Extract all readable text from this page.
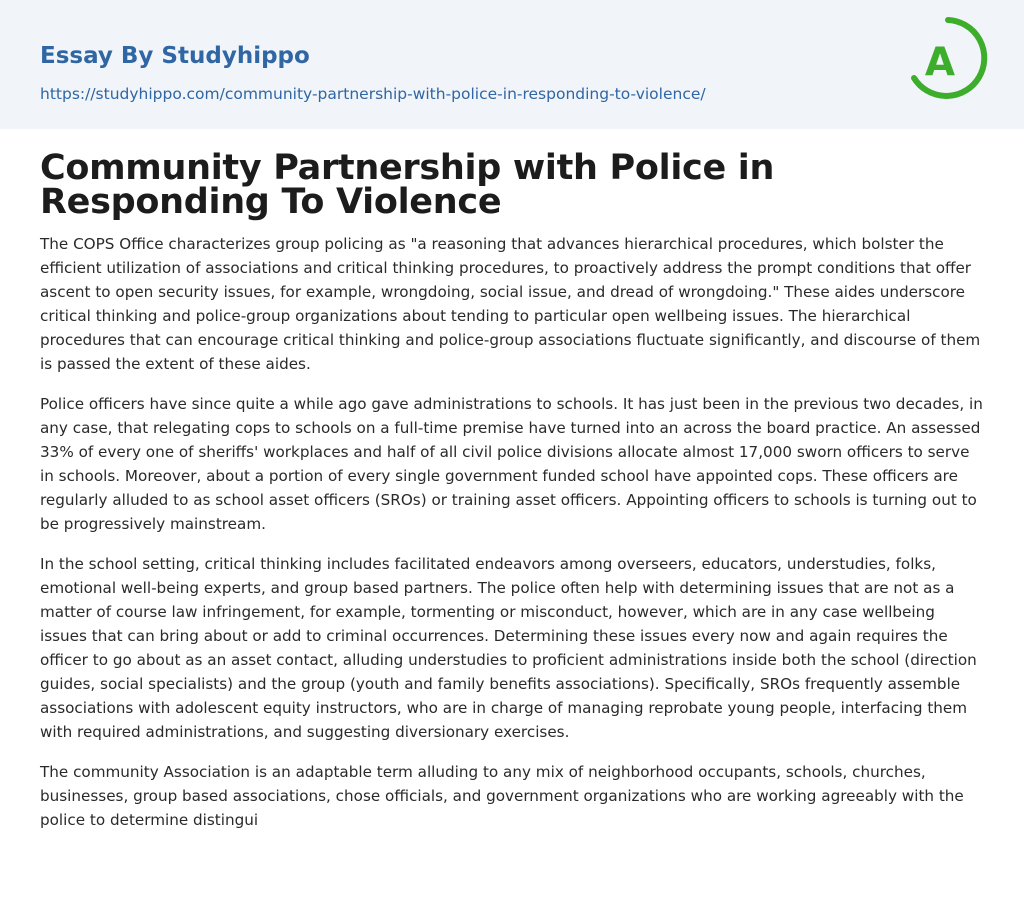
Essay By Studyhippo
https://studyhippo.com/community-partnership-with-police-in-responding-to-violence/
A
Community Partnership with Police in Responding To Violence

The COPS Office characterizes group policing as "a reasoning that advances hierarchical procedures, which bolster the efficient utilization of associations and critical thinking procedures, to proactively address the prompt conditions that offer ascent to open security issues, for example, wrongdoing, social issue, and dread of wrongdoing." These aides underscore critical thinking and police-group organizations about tending to particular open wellbeing issues. The hierarchical procedures that can encourage critical thinking and police-group associations fluctuate significantly, and discourse of them is passed the extent of these aides.

Police officers have since quite a while ago gave administrations to schools. It has just been in the previous two decades, in any case, that relegating cops to schools on a full-time premise have turned into an across the board practice. An assessed 33% of every one of sheriffs' workplaces and half of all civil police divisions allocate almost 17,000 sworn officers to serve in schools. Moreover, about a portion of every single government funded school have appointed cops. These officers are regularly alluded to as school asset officers (SROs) or training asset officers. Appointing officers to schools is turning out to be progressively mainstream.

In the school setting, critical thinking includes facilitated endeavors among overseers, educators, understudies, folks, emotional well-being experts, and group based partners. The police often help with determining issues that are not as a matter of course law infringement, for example, tormenting or misconduct, however, which are in any case wellbeing issues that can bring about or add to criminal occurrences. Determining these issues every now and again requires the officer to go about as an asset contact, alluding understudies to proficient administrations inside both the school (direction guides, social specialists) and the group (youth and family benefits associations). Specifically, SROs frequently assemble associations with adolescent equity instructors, who are in charge of managing reprobate young people, interfacing them with required administrations, and suggesting diversionary exercises.

The community Association is an adaptable term alluding to any mix of neighborhood occupants, schools, churches, businesses, group based associations, chose officials, and government organizations who are working agreeably with the police to determine distingui
